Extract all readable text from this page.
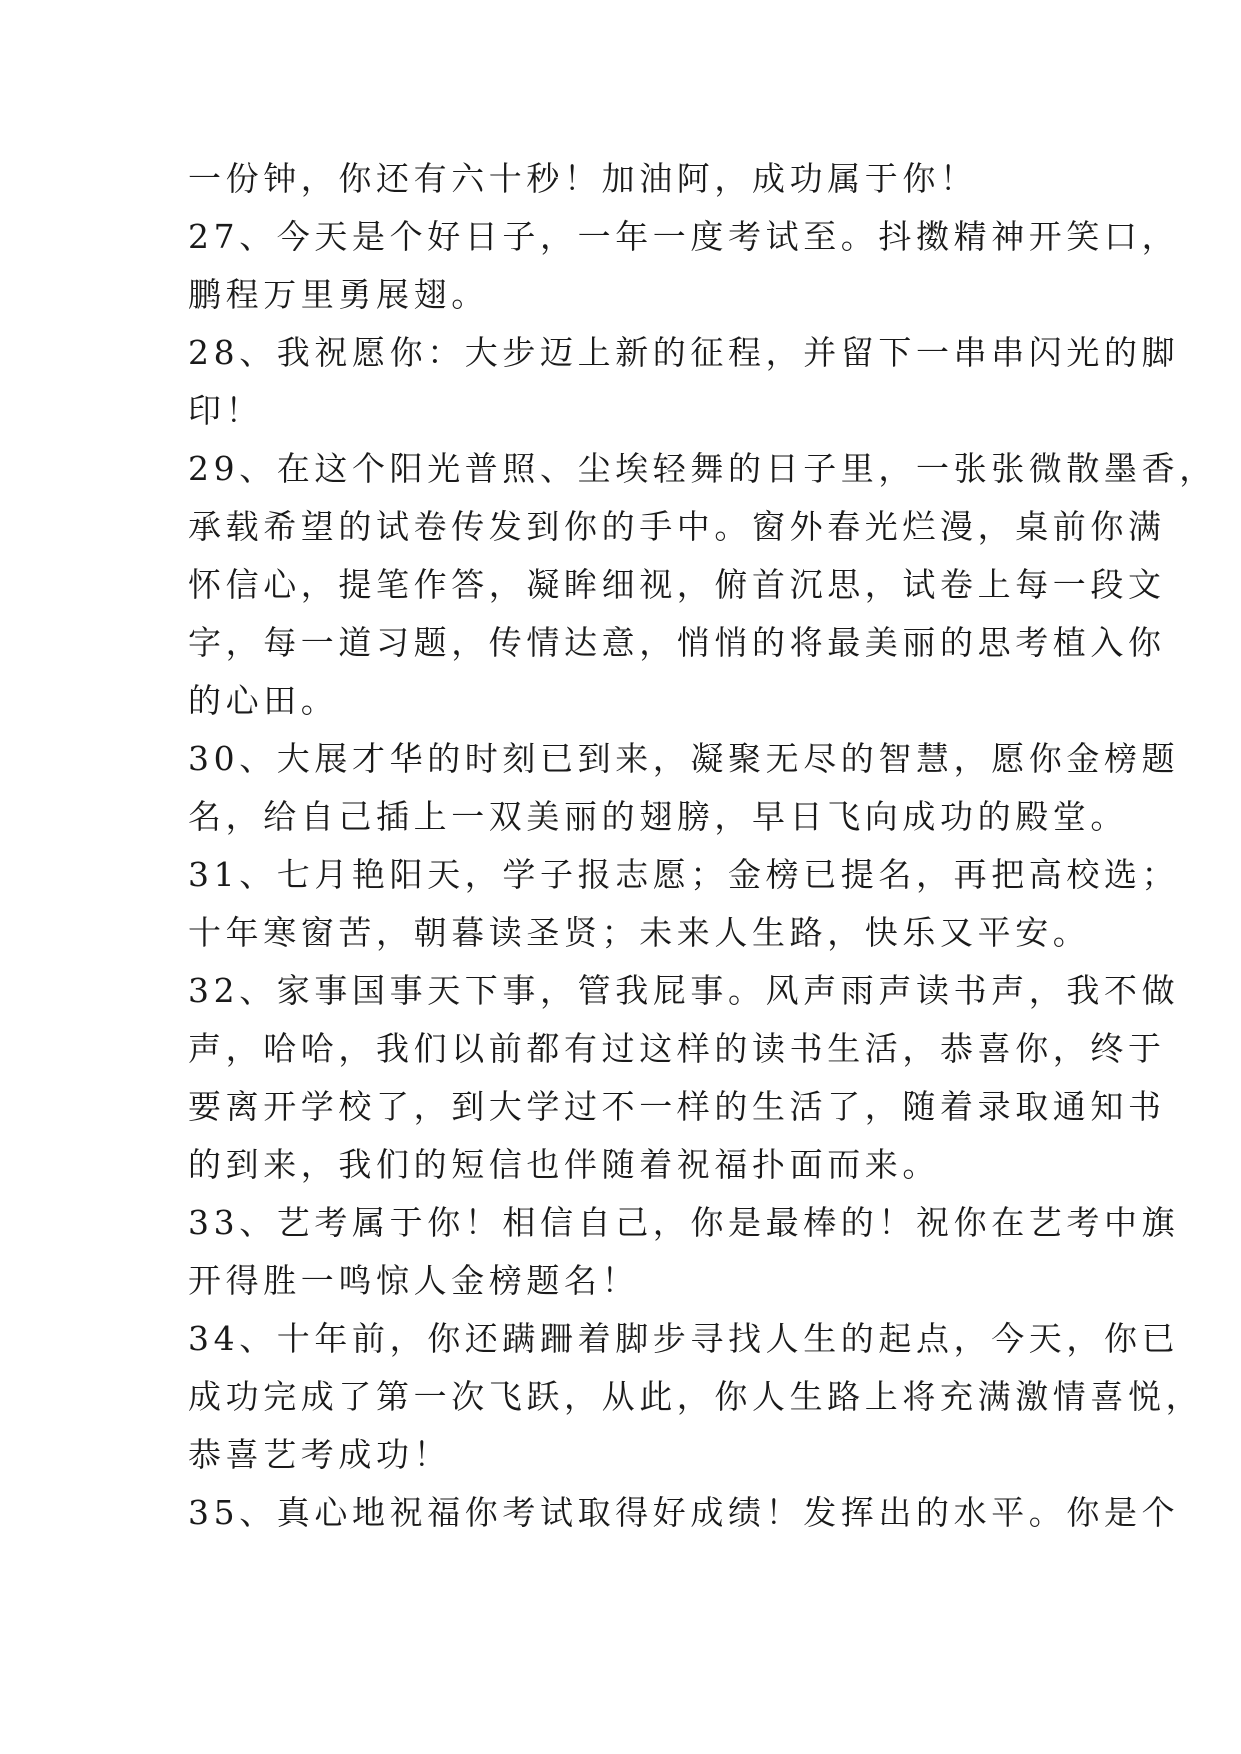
一份钟，你还有六十秒！加油阿，成功属于你！
27、今天是个好日子，一年一度考试至。抖擞精神开笑口，
鹏程万里勇展翅。
28、我祝愿你：大步迈上新的征程，并留下一串串闪光的脚
印！
29、在这个阳光普照、尘埃轻舞的日子里，一张张微散墨香，
承载希望的试卷传发到你的手中。窗外春光烂漫，桌前你满
怀信心，提笔作答，凝眸细视，俯首沉思，试卷上每一段文
字，每一道习题，传情达意，悄悄的将最美丽的思考植入你
的心田。
30、大展才华的时刻已到来，凝聚无尽的智慧，愿你金榜题
名，给自己插上一双美丽的翅膀，早日飞向成功的殿堂。
31、七月艳阳天，学子报志愿；金榜已提名，再把高校选；
十年寒窗苦，朝暮读圣贤；未来人生路，快乐又平安。
32、家事国事天下事，管我屁事。风声雨声读书声，我不做
声，哈哈，我们以前都有过这样的读书生活，恭喜你，终于
要离开学校了，到大学过不一样的生活了，随着录取通知书
的到来，我们的短信也伴随着祝福扑面而来。
33、艺考属于你！相信自己，你是最棒的！祝你在艺考中旗
开得胜一鸣惊人金榜题名！
34、十年前，你还蹒跚着脚步寻找人生的起点，今天，你已
成功完成了第一次飞跃，从此，你人生路上将充满激情喜悦，
恭喜艺考成功！
35、真心地祝福你考试取得好成绩！发挥出的水平。你是个
